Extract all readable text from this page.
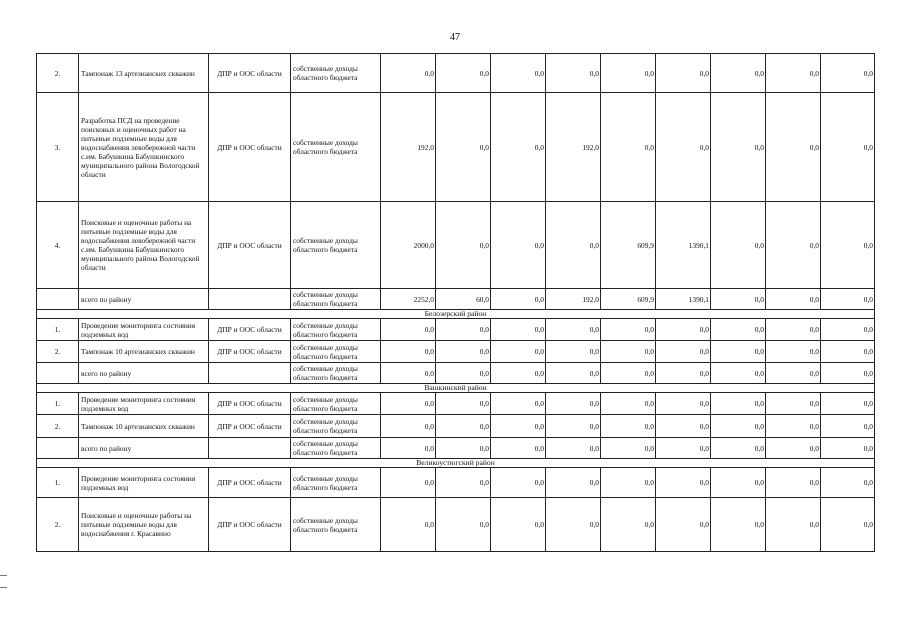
47
2.	Тампонаж 13 артезианских скважин	ДПР и ООС области	собственные доходы областного бюджета	0,0	0,0	0,0	0,0	0,0	0,0	0,0	0,0	0,0
3.	Разработка ПСД на проведение поисковых и оценочных работ на питьевые подземные воды для водоснабжения левобережной части с.им. Бабушкина Бабушкинского муниципального района Вологодской области	ДПР и ООС области	собственные доходы областного бюджета	192,0	0,0	0,0	192,0	0,0	0,0	0,0	0,0	0,0
4.	Поисковые и оценочные работы на питьевые подземные воды для водоснабжения левобережной части с.им. Бабушкина Бабушкинского муниципального района Вологодской области	ДПР и ООС области	собственные доходы областного бюджета	2000,0	0,0	0,0	0,0	609,9	1390,1	0,0	0,0	0,0
	всего по району		собственные доходы областного бюджета	2252,0	60,0	0,0	192,0	609,9	1390,1	0,0	0,0	0,0
Белозерский район												
1.	Проведение мониторинга состояния подземных вод	ДПР и ООС области	собственные доходы областного бюджета	0,0	0,0	0,0	0,0	0,0	0,0	0,0	0,0	0,0
2.	Тампонаж 10 артезианских скважин	ДПР и ООС области	собственные доходы областного бюджета	0,0	0,0	0,0	0,0	0,0	0,0	0,0	0,0	0,0
	всего по району		собственные доходы областного бюджета	0,0	0,0	0,0	0,0	0,0	0,0	0,0	0,0	0,0
Вашкинский район												
1.	Проведение мониторинга состояния подземных вод	ДПР и ООС области	собственные доходы областного бюджета	0,0	0,0	0,0	0,0	0,0	0,0	0,0	0,0	0,0
2.	Тампонаж 10 артезианских скважин	ДПР и ООС области	собственные доходы областного бюджета	0,0	0,0	0,0	0,0	0,0	0,0	0,0	0,0	0,0
	всего по району		собственные доходы областного бюджета	0,0	0,0	0,0	0,0	0,0	0,0	0,0	0,0	0,0
Великоустюгский район												
1.	Проведение мониторинга состояния подземных вод	ДПР и ООС области	собственные доходы областного бюджета	0,0	0,0	0,0	0,0	0,0	0,0	0,0	0,0	0,0
2.	Поисковые и оценочные работы на питьевые подземные воды для водоснабжения г. Красавино	ДПР и ООС области	собственные доходы областного бюджета	0,0	0,0	0,0	0,0	0,0	0,0	0,0	0,0	0,0
